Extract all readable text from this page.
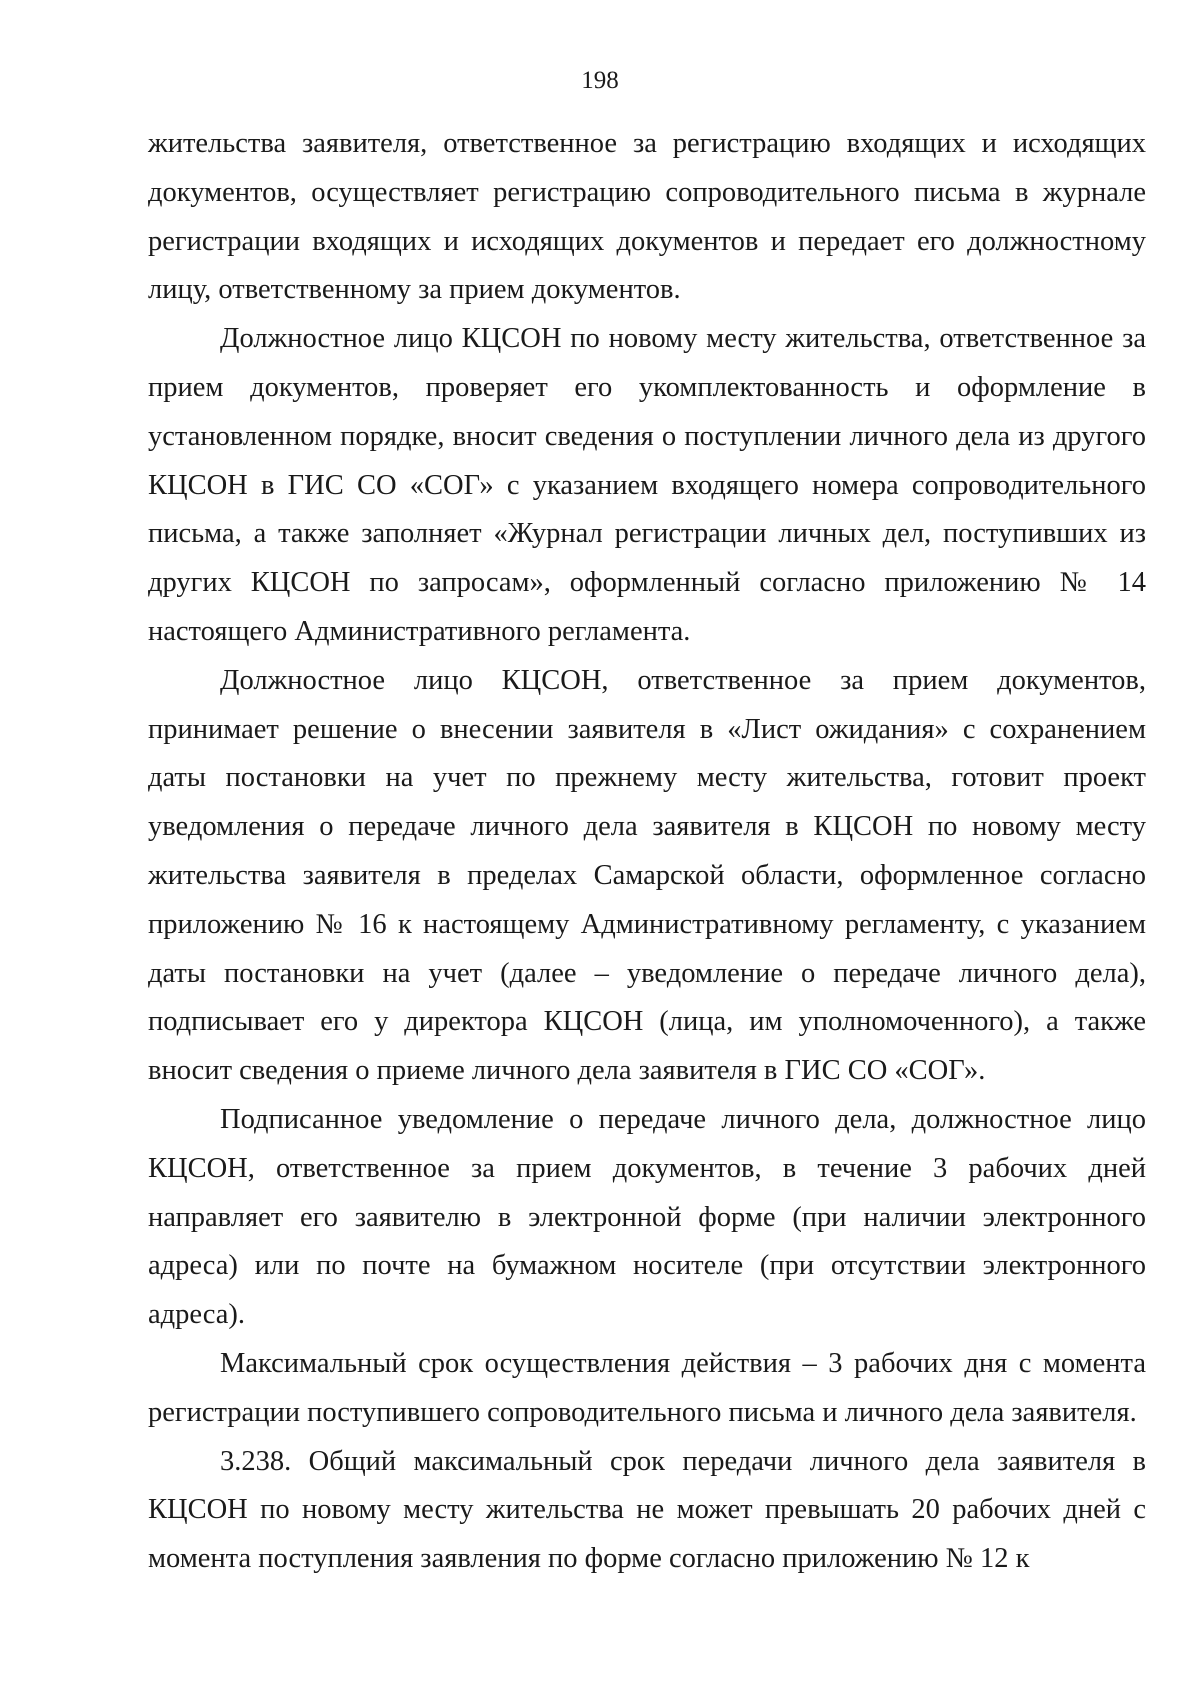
198

жительства заявителя, ответственное за регистрацию входящих и исходящих документов, осуществляет регистрацию сопроводительного письма в журнале регистрации входящих и исходящих документов и передает его должностному лицу, ответственному за прием документов.

Должностное лицо КЦСОН по новому месту жительства, ответственное за прием документов, проверяет его укомплектованность и оформление в установленном порядке, вносит сведения о поступлении личного дела из другого КЦСОН в ГИС СО «СОГ» с указанием входящего номера сопроводительного письма, а также заполняет «Журнал регистрации личных дел, поступивших из других КЦСОН по запросам», оформленный согласно приложению № 14 настоящего Административного регламента.

Должностное лицо КЦСОН, ответственное за прием документов, принимает решение о внесении заявителя в «Лист ожидания» с сохранением даты постановки на учет по прежнему месту жительства, готовит проект уведомления о передаче личного дела заявителя в КЦСОН по новому месту жительства заявителя в пределах Самарской области, оформленное согласно приложению № 16 к настоящему Административному регламенту, с указанием даты постановки на учет (далее – уведомление о передаче личного дела), подписывает его у директора КЦСОН (лица, им уполномоченного), а также вносит сведения о приеме личного дела заявителя в ГИС СО «СОГ».

Подписанное уведомление о передаче личного дела, должностное лицо КЦСОН, ответственное за прием документов, в течение 3 рабочих дней направляет его заявителю в электронной форме (при наличии электронного адреса) или по почте на бумажном носителе (при отсутствии электронного адреса).

Максимальный срок осуществления действия – 3 рабочих дня с момента регистрации поступившего сопроводительного письма и личного дела заявителя.

3.238. Общий максимальный срок передачи личного дела заявителя в КЦСОН по новому месту жительства не может превышать 20 рабочих дней с момента поступления заявления по форме согласно приложению № 12 к
